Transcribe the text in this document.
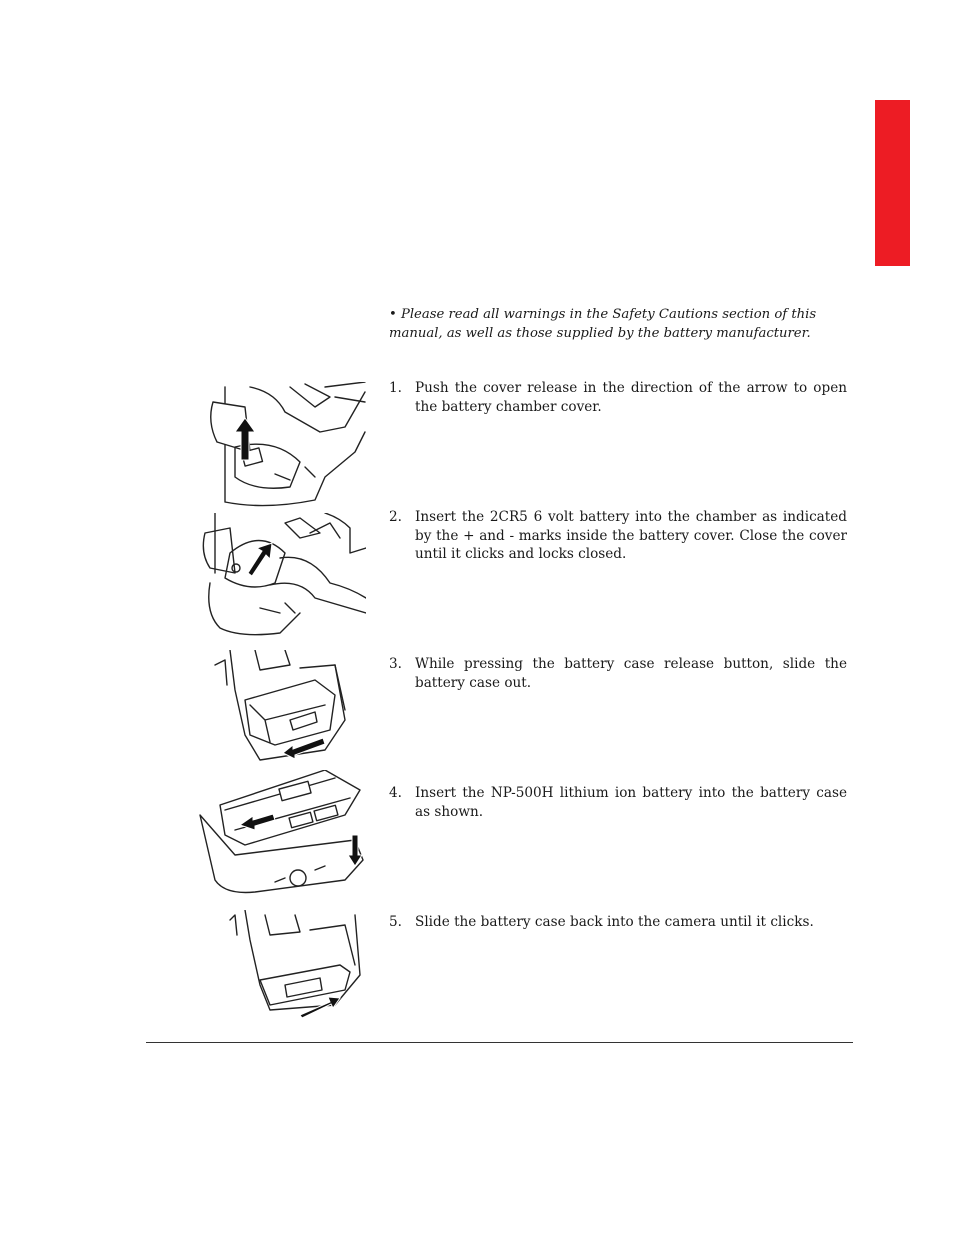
• Please read all warnings in the Safety Cautions section of this manual, as well as those supplied by the battery manufacturer.
1. Push the cover release in the direction of the arrow to open the battery chamber cover.
2. Insert the 2CR5 6 volt battery into the chamber as indicated by the + and - marks inside the battery cover. Close the cover until it clicks and locks closed.
3. While pressing the battery case release button, slide the battery case out.
4. Insert the NP-500H lithium ion battery into the battery case as shown.
5. Slide the battery case back into the camera until it clicks.
